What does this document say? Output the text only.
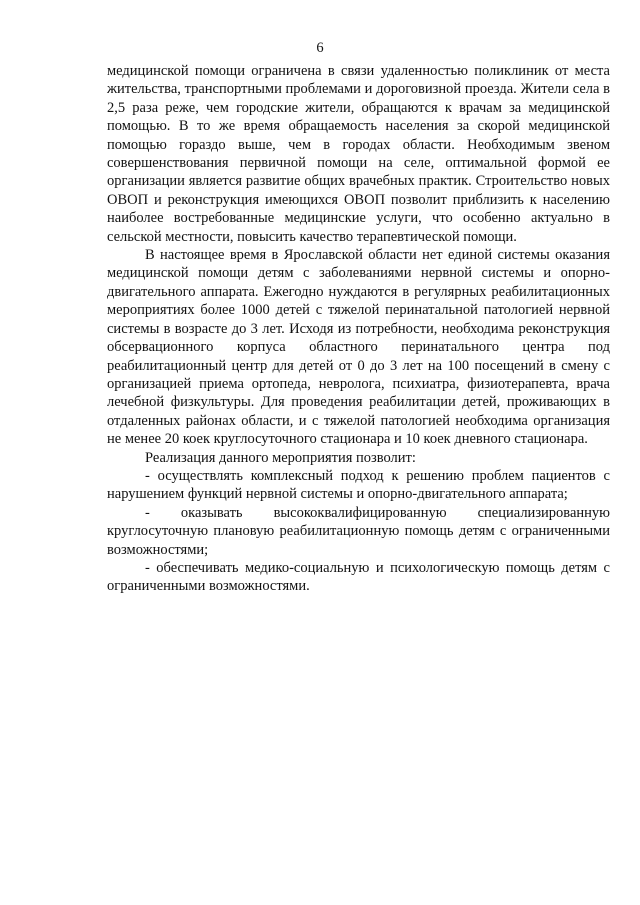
6

медицинской помощи ограничена в связи удаленностью поликлиник от места жительства, транспортными проблемами и дороговизной проезда. Жители села в 2,5 раза реже, чем городские жители, обращаются к врачам за медицинской помощью. В то же время обращаемость населения за скорой медицинской помощью гораздо выше, чем в городах области. Необходимым звеном совершенствования первичной помощи на селе, оптимальной формой ее организации является развитие общих врачебных практик. Строительство новых ОВОП и реконструкция имеющихся ОВОП позволит приблизить к населению наиболее востребованные медицинские услуги, что особенно актуально в сельской местности, повысить качество терапевтической помощи.

В настоящее время в Ярославской области нет единой системы оказания медицинской помощи детям с заболеваниями нервной системы и опорно-двигательного аппарата. Ежегодно нуждаются в регулярных реабилитационных мероприятиях более 1000 детей с тяжелой перинатальной патологией нервной системы в возрасте до 3 лет. Исходя из потребности, необходима реконструкция обсервационного корпуса областного перинатального центра под реабилитационный центр для детей от 0 до 3 лет на 100 посещений в смену с организацией приема ортопеда, невролога, психиатра, физиотерапевта, врача лечебной физкультуры. Для проведения реабилитации детей, проживающих в отдаленных районах области, и с тяжелой патологией необходима организация не менее 20 коек круглосуточного стационара и 10 коек дневного стационара.

Реализация данного мероприятия позволит:

- осуществлять комплексный подход к решению проблем пациентов с нарушением функций нервной системы и опорно-двигательного аппарата;

- оказывать высококвалифицированную специализированную круглосуточную плановую реабилитационную помощь детям с ограниченными возможностями;

- обеспечивать медико-социальную и психологическую помощь детям с ограниченными возможностями.
